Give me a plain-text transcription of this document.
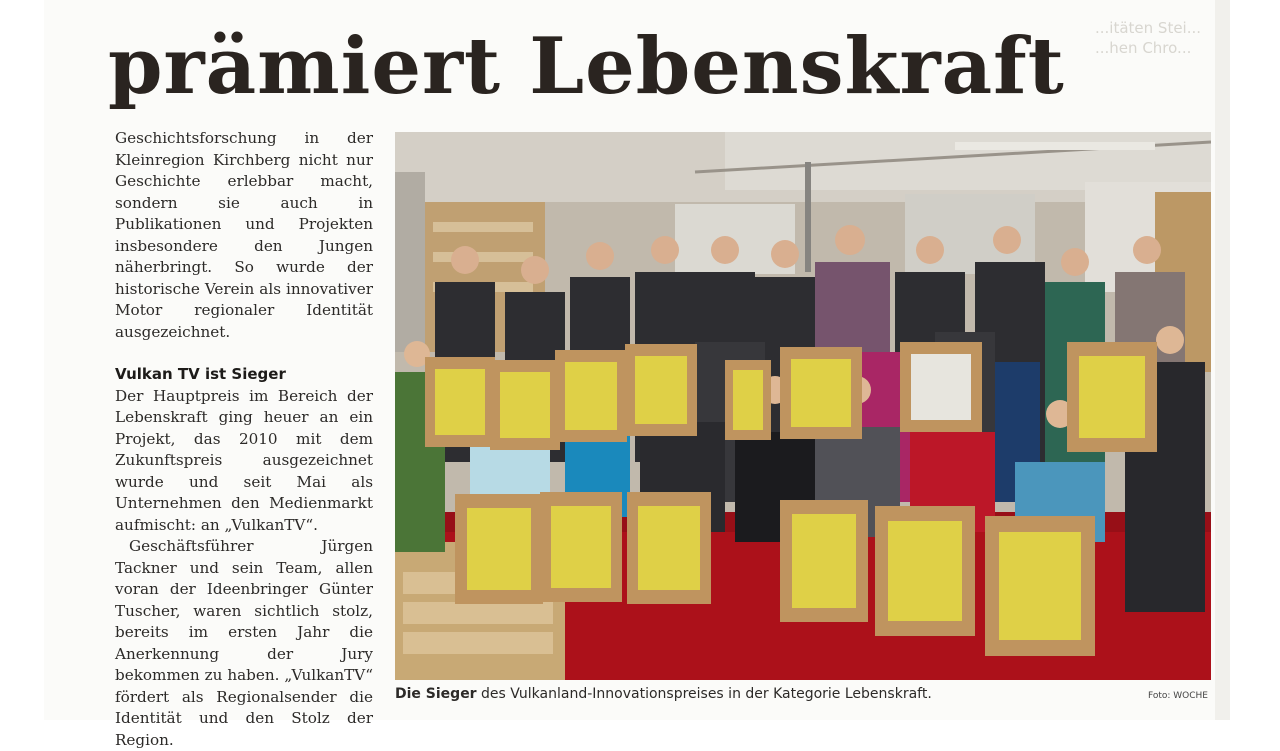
...itäten Stei...
...hen Chro...
prämiert Lebenskraft

Geschichtsforschung in der Kleinregion Kirchberg nicht nur Geschichte erlebbar macht, sondern sie auch in Publikationen und Projekten insbesondere den Jungen näherbringt. So wurde der historische Verein als innovativer Motor regionaler Identität ausgezeichnet.

Vulkan TV ist Sieger

Der Hauptpreis im Bereich der Lebenskraft ging heuer an ein Projekt, das 2010 mit dem Zukunftspreis ausgezeichnet wurde und seit Mai als Unternehmen den Medienmarkt aufmischt: an „VulkanTV“.

Geschäftsführer Jürgen Tackner und sein Team, allen voran der Ideenbringer Günter Tuscher, waren sichtlich stolz, bereits im ersten Jahr die Anerkennung der Jury bekommen zu haben. „VulkanTV“ fördert als Regionalsender die Identität und den Stolz der Region.

Die Sieger des Vulkanland-Innovationspreises in der Kategorie Lebenskraft.	Foto: WOCHE
